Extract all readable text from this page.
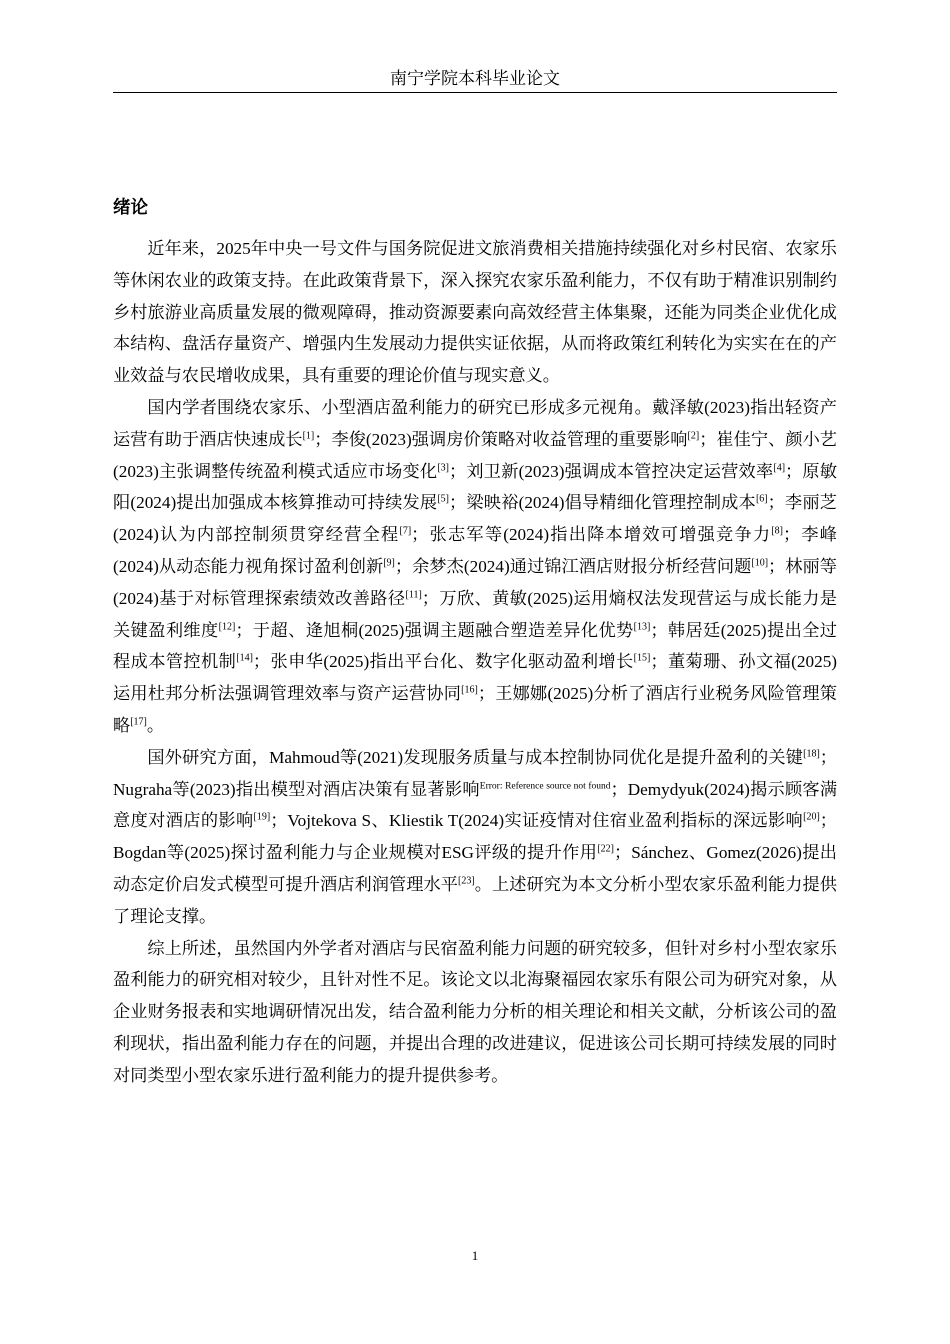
南宁学院本科毕业论文
绪论

近年来，2025年中央一号文件与国务院促进文旅消费相关措施持续强化对乡村民宿、农家乐等休闲农业的政策支持。在此政策背景下，深入探究农家乐盈利能力，不仅有助于精准识别制约乡村旅游业高质量发展的微观障碍，推动资源要素向高效经营主体集聚，还能为同类企业优化成本结构、盘活存量资产、增强内生发展动力提供实证依据，从而将政策红利转化为实实在在的产业效益与农民增收成果，具有重要的理论价值与现实意义。

国内学者围绕农家乐、小型酒店盈利能力的研究已形成多元视角。戴泽敏(2023)指出轻资产运营有助于酒店快速成长[1]；李俊(2023)强调房价策略对收益管理的重要影响[2]；崔佳宁、颜小艺(2023)主张调整传统盈利模式适应市场变化[3]；刘卫新(2023)强调成本管控决定运营效率[4]；原敏阳(2024)提出加强成本核算推动可持续发展[5]；梁映裕(2024)倡导精细化管理控制成本[6]；李丽芝(2024)认为内部控制须贯穿经营全程[7]；张志军等(2024)指出降本增效可增强竞争力[8]；李峰(2024)从动态能力视角探讨盈利创新[9]；余梦杰(2024)通过锦江酒店财报分析经营问题[10]；林丽等(2024)基于对标管理探索绩效改善路径[11]；万欣、黄敏(2025)运用熵权法发现营运与成长能力是关键盈利维度[12]；于超、逄旭桐(2025)强调主题融合塑造差异化优势[13]；韩居廷(2025)提出全过程成本管控机制[14]；张申华(2025)指出平台化、数字化驱动盈利增长[15]；董菊珊、孙文福(2025)运用杜邦分析法强调管理效率与资产运营协同[16]；王娜娜(2025)分析了酒店行业税务风险管理策略[17]。

国外研究方面，Mahmoud等(2021)发现服务质量与成本控制协同优化是提升盈利的关键[18]；Nugraha等(2023)指出模型对酒店决策有显著影响$^{Error: Reference source not found}$；Demydyuk(2024)揭示顾客满意度对酒店的影响[19]；Vojtekova S、Kliestik T(2024)实证疫情对住宿业盈利指标的深远影响[20]；Bogdan等(2025)探讨盈利能力与企业规模对ESG评级的提升作用[22]；Sánchez、Gomez(2026)提出动态定价启发式模型可提升酒店利润管理水平[23]。上述研究为本文分析小型农家乐盈利能力提供了理论支撑。

综上所述，虽然国内外学者对酒店与民宿盈利能力问题的研究较多，但针对乡村小型农家乐盈利能力的研究相对较少，且针对性不足。该论文以北海聚福园农家乐有限公司为研究对象，从企业财务报表和实地调研情况出发，结合盈利能力分析的相关理论和相关文献，分析该公司的盈利现状，指出盈利能力存在的问题，并提出合理的改进建议，促进该公司长期可持续发展的同时对同类型小型农家乐进行盈利能力的提升提供参考。

1
